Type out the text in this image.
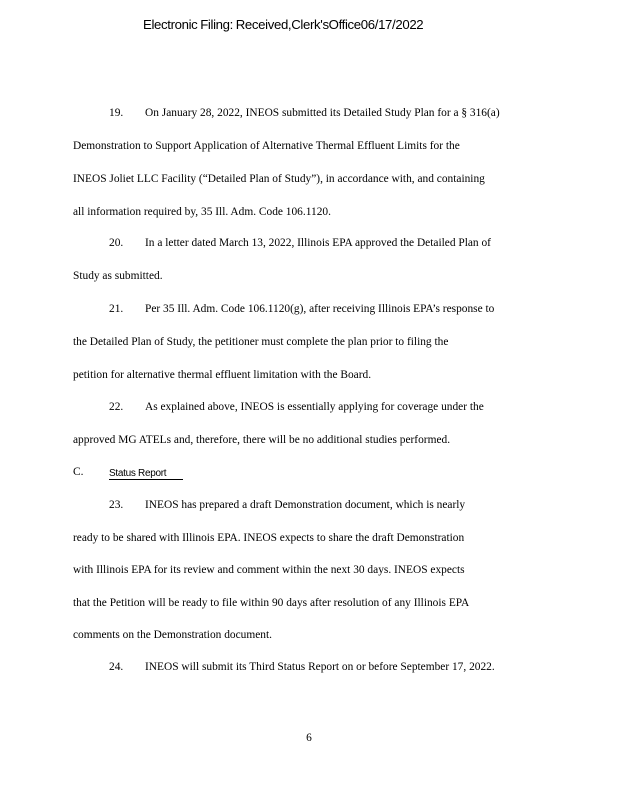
Electronic Filing: Received,Clerk'sOffice06/17/2022
19. On January 28, 2022, INEOS submitted its Detailed Study Plan for a § 316(a)
Demonstration to Support Application of Alternative Thermal Effluent Limits for the
INEOS Joliet LLC Facility (“Detailed Plan of Study”), in accordance with, and containing
all information required by, 35 Ill. Adm. Code 106.1120.
20. In a letter dated March 13, 2022, Illinois EPA approved the Detailed Plan of
Study as submitted.
21. Per 35 Ill. Adm. Code 106.1120(g), after receiving Illinois EPA’s response to
the Detailed Plan of Study, the petitioner must complete the plan prior to filing the
petition for alternative thermal effluent limitation with the Board.
22. As explained above, INEOS is essentially applying for coverage under the
approved MG ATELs and, therefore, there will be no additional studies performed.
C.	Status Report
23. INEOS has prepared a draft Demonstration document, which is nearly
ready to be shared with Illinois EPA. INEOS expects to share the draft Demonstration
with Illinois EPA for its review and comment within the next 30 days. INEOS expects
that the Petition will be ready to file within 90 days after resolution of any Illinois EPA
comments on the Demonstration document.
24. INEOS will submit its Third Status Report on or before September 17, 2022.
6
